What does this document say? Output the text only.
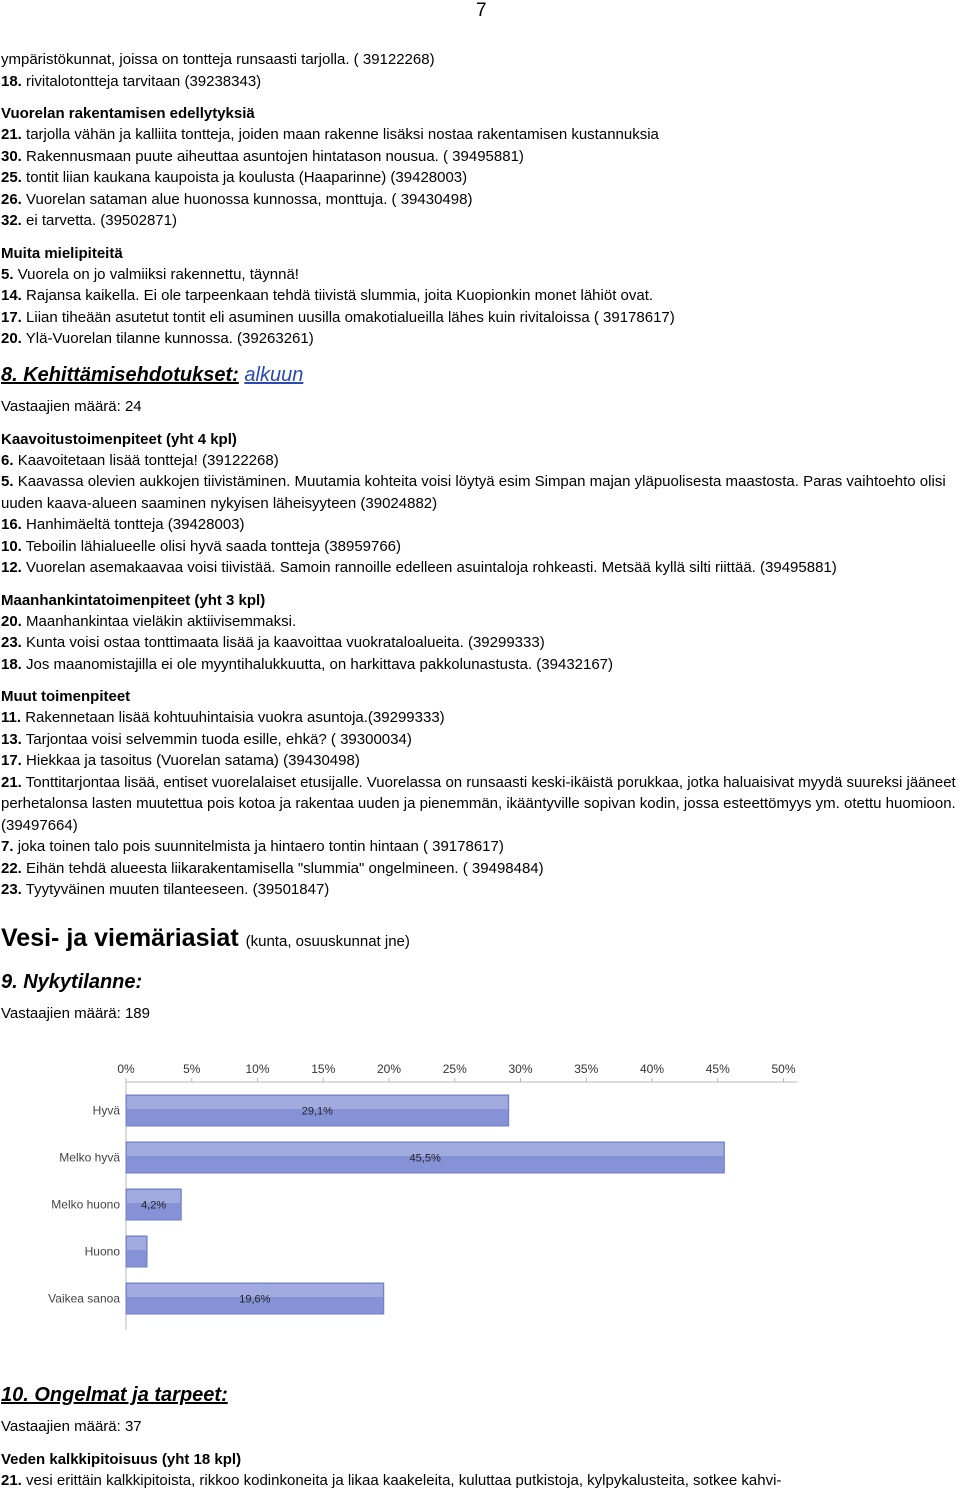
7
ympäristökunnat, joissa on tontteja runsaasti tarjolla. ( 39122268)
18. rivitalotontteja tarvitaan (39238343)
Vuorelan rakentamisen edellytyksiä
21. tarjolla vähän ja kalliita tontteja, joiden maan rakenne lisäksi nostaa rakentamisen kustannuksia
30. Rakennusmaan puute aiheuttaa asuntojen hintatason nousua. ( 39495881)
25. tontit liian kaukana kaupoista ja koulusta (Haaparinne) (39428003)
26. Vuorelan sataman alue huonossa kunnossa, monttuja. ( 39430498)
32. ei tarvetta. (39502871)
Muita mielipiteitä
5. Vuorela on jo valmiiksi rakennettu, täynnä!
14. Rajansa kaikella. Ei ole tarpeenkaan tehdä tiivistä slummia, joita Kuopionkin monet lähiöt ovat.
17. Liian tiheään asutetut tontit eli asuminen uusilla omakotialueilla lähes kuin rivitaloissa ( 39178617)
20. Ylä-Vuorelan tilanne kunnossa. (39263261)
8. Kehittämisehdotukset: alkuun
Vastaajien määrä: 24
Kaavoitustoimenpiteet (yht 4 kpl)
6. Kaavoitetaan lisää tontteja! (39122268)
5. Kaavassa olevien aukkojen tiivistäminen. Muutamia kohteita voisi löytyä esim Simpan majan yläpuolisesta maastosta. Paras vaihtoehto olisi uuden kaava-alueen saaminen nykyisen läheisyyteen (39024882)
16. Hanhimäeltä tontteja (39428003)
10. Teboilin lähialueelle olisi hyvä saada tontteja (38959766)
12. Vuorelan asemakaavaa voisi tiivistää. Samoin rannoille edelleen asuintaloja rohkeasti. Metsää kyllä silti riittää. (39495881)
Maanhankintatoimenpiteet (yht 3 kpl)
20. Maanhankintaa vieläkin aktiivisemmaksi.
23. Kunta voisi ostaa tonttimaata lisää ja kaavoittaa vuokrataloalueita. (39299333)
18. Jos maanomistajilla ei ole myyntihalukkuutta, on harkittava pakkolunastusta. (39432167)
Muut toimenpiteet
11. Rakennetaan lisää kohtuuhintaisia vuokra asuntoja.(39299333)
13. Tarjontaa voisi selvemmin tuoda esille, ehkä? ( 39300034)
17. Hiekkaa ja tasoitus (Vuorelan satama) (39430498)
21. Tonttitarjontaa lisää, entiset vuorelalaiset etusijalle. Vuorelassa on runsaasti keski-ikäistä porukkaa, jotka haluaisivat myydä suureksi jääneet perhetalonsa lasten muutettua pois kotoa ja rakentaa uuden ja pienemmän, ikääntyville sopivan kodin, jossa esteettömyys ym. otettu huomioon. (39497664)
7. joka toinen talo pois suunnitelmista ja hintaero tontin hintaan ( 39178617)
22. Eihän tehdä alueesta liikarakentamisella "slummia" ongelmineen. ( 39498484)
23. Tyytyväinen muuten tilanteeseen. (39501847)
Vesi- ja viemäriasiat (kunta, osuuskunnat jne)
9. Nykytilanne:
Vastaajien määrä: 189
0%	5%	10%	15%	20%	25%	30%	35%	40%	45%	50%
Hyvä	29,1%
Melko hyvä	45,5%
Melko huono 4,2%
Huono
Vaikea sanoa	19,6%
10. Ongelmat ja tarpeet:
Vastaajien määrä: 37
Veden kalkkipitoisuus (yht 18 kpl)
21. vesi erittäin kalkkipitoista, rikkoo kodinkoneita ja likaa kaakeleita, kuluttaa putkistoja, kylpykalusteita, sotkee kahvi-
